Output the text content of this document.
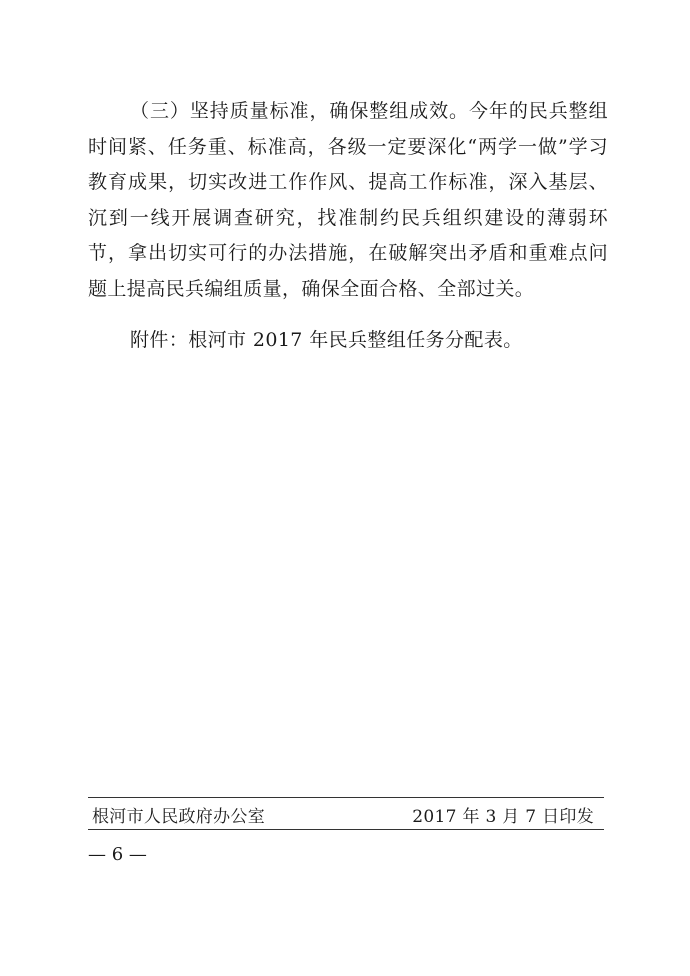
（三）坚持质量标准，确保整组成效。今年的民兵整组时间紧、任务重、标准高，各级一定要深化“两学一做”学习教育成果，切实改进工作作风、提高工作标准，深入基层、沉到一线开展调查研究，找准制约民兵组织建设的薄弱环节，拿出切实可行的办法措施，在破解突出矛盾和重难点问题上提高民兵编组质量，确保全面合格、全部过关。

附件：根河市 2017 年民兵整组任务分配表。
根河市人民政府办公室	2017 年 3 月 7 日印发
— 6 —
